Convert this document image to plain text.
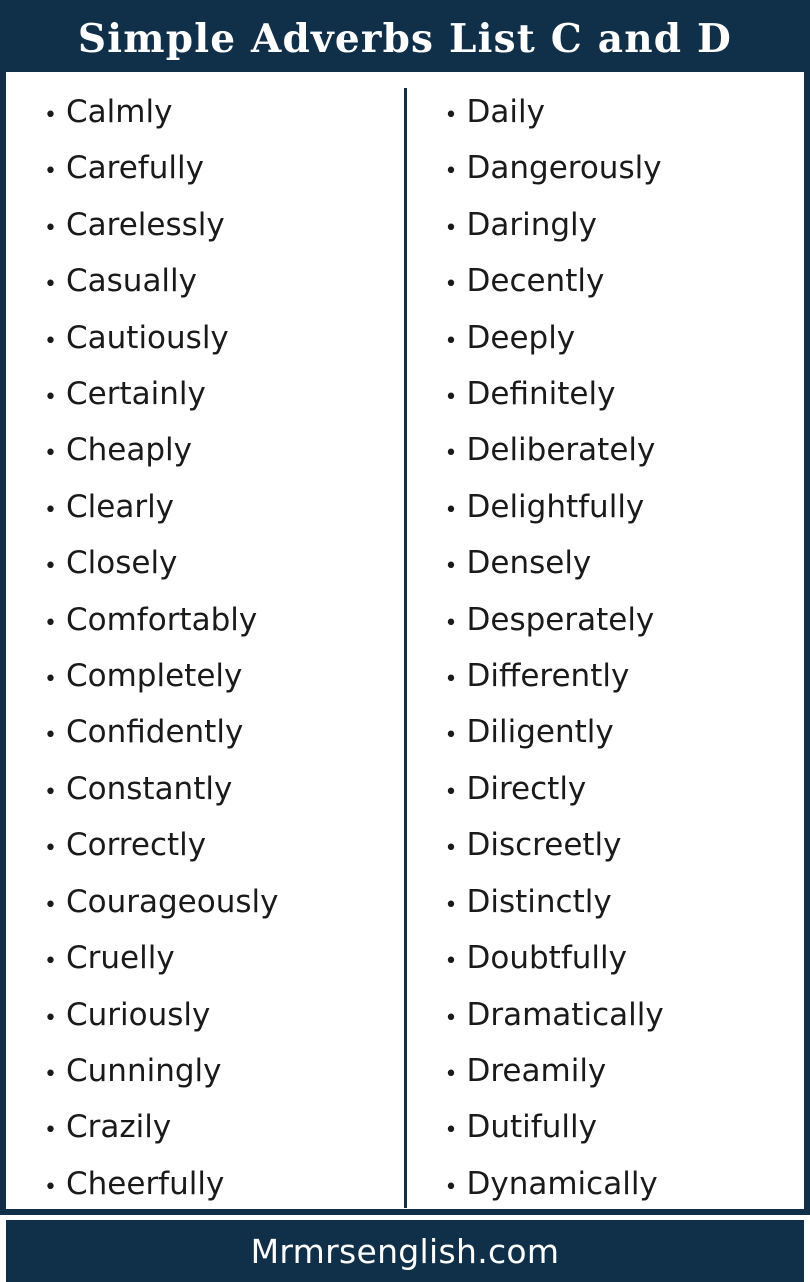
Simple Adverbs List C and D
• Calmly
• Carefully
• Carelessly
• Casually
• Cautiously
• Certainly
• Cheaply
• Clearly
• Closely
• Comfortably
• Completely
• Confidently
• Constantly
• Correctly
• Courageously
• Cruelly
• Curiously
• Cunningly
• Crazily
• Cheerfully
• Daily
• Dangerously
• Daringly
• Decently
• Deeply
• Definitely
• Deliberately
• Delightfully
• Densely
• Desperately
• Differently
• Diligently
• Directly
• Discreetly
• Distinctly
• Doubtfully
• Dramatically
• Dreamily
• Dutifully
• Dynamically
Mrmrsenglish.com
